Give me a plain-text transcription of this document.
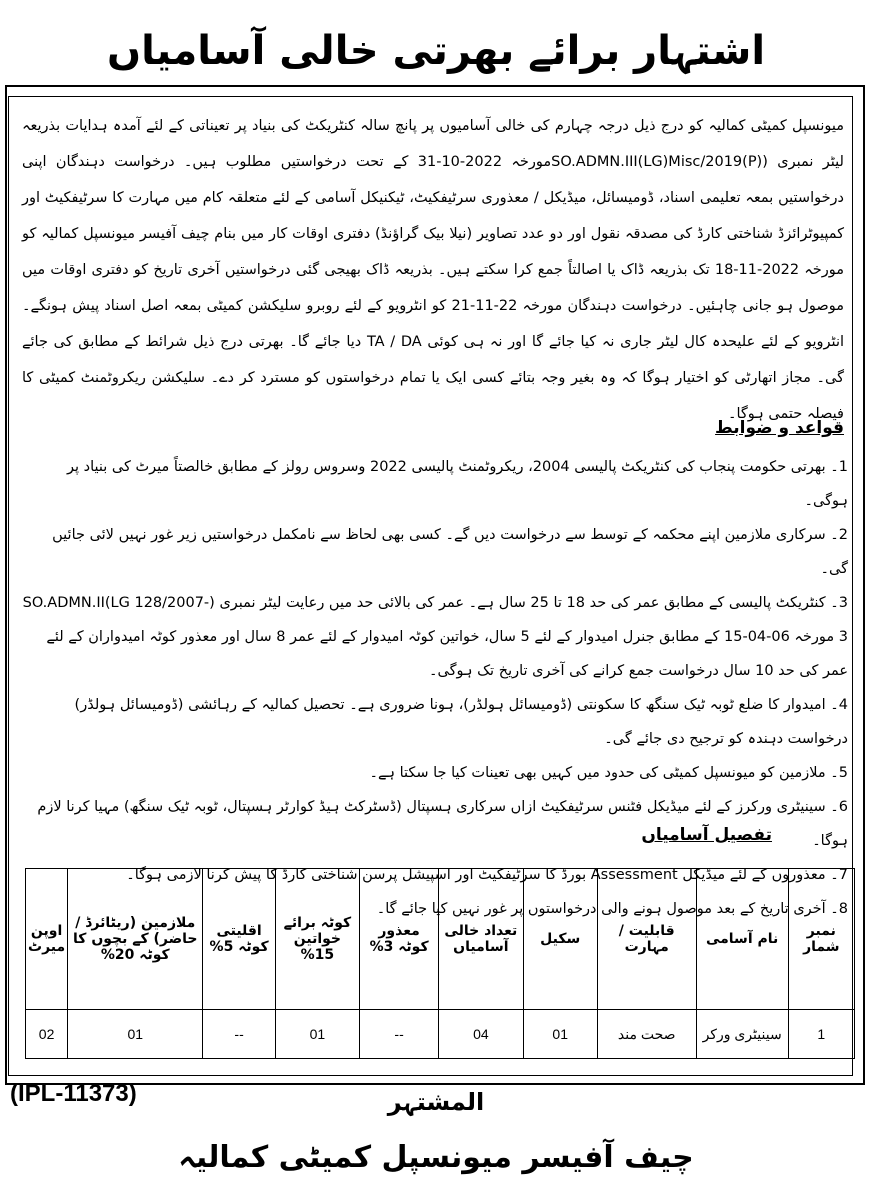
اشتہار برائے بھرتی خالی آسامیاں
میونسپل کمیٹی کمالیہ کو درج ذیل درجہ چہارم کی خالی آسامیوں پر پانچ سالہ کنٹریکٹ کی بنیاد پر تعیناتی کے لئے آمدہ ہدایات بذریعہ لیٹر نمبری (SO.ADMN.III(LG)Misc/2019(P)مورخہ 2022-10-31 کے تحت درخواستیں مطلوب ہیں۔ درخواست دہندگان اپنی درخواستیں بمعہ تعلیمی اسناد، ڈومیسائل، میڈیکل / معذوری سرٹیفکیٹ، ٹیکنیکل آسامی کے لئے متعلقہ کام میں مہارت کا سرٹیفکیٹ اور کمپیوٹرائزڈ شناختی کارڈ کی مصدقہ نقول اور دو عدد تصاویر (نیلا بیک گراؤنڈ) دفتری اوقات کار میں بنام چیف آفیسر میونسپل کمالیہ کو مورخہ 2022-11-18 تک بذریعہ ڈاک یا اصالتاً جمع کرا سکتے ہیں۔ بذریعہ ڈاک بھیجی گئی درخواستیں آخری تاریخ کو دفتری اوقات میں موصول ہو جانی چاہئیں۔ درخواست دہندگان مورخہ 22-11-21 کو انٹرویو کے لئے روبرو سلیکشن کمیٹی بمعہ اصل اسناد پیش ہونگے۔ انٹرویو کے لئے علیحدہ کال لیٹر جاری نہ کیا جائے گا اور نہ ہی کوئی TA / DA دیا جائے گا۔ بھرتی درج ذیل شرائط کے مطابق کی جائے گی۔ مجاز اتھارٹی کو اختیار ہوگا کہ وہ بغیر وجہ بتائے کسی ایک یا تمام درخواستوں کو مسترد کر دے۔ سلیکشن ریکروٹمنٹ کمیٹی کا فیصلہ حتمی ہوگا۔
قواعد و ضوابط
1۔ بھرتی حکومت پنجاب کی کنٹریکٹ پالیسی 2004، ریکروٹمنٹ پالیسی 2022 وسروس رولز کے مطابق خالصتاً میرٹ کی بنیاد پر ہوگی۔
2۔ سرکاری ملازمین اپنے محکمہ کے توسط سے درخواست دیں گے۔ کسی بھی لحاظ سے نامکمل درخواستیں زیر غور نہیں لائی جائیں گی۔
3۔ کنٹریکٹ پالیسی کے مطابق عمر کی حد 18 تا 25 سال ہے۔ عمر کی بالائی حد میں رعایت لیٹر نمبری (SO.ADMN.II(LG 128/2007-3 مورخہ 06-04-15 کے مطابق جنرل امیدوار کے لئے 5 سال، خواتین کوٹہ امیدوار کے لئے عمر 8 سال اور معذور کوٹہ امیدواران کے لئے عمر کی حد 10 سال درخواست جمع کرانے کی آخری تاریخ تک ہوگی۔
4۔ امیدوار کا ضلع ٹوبہ ٹیک سنگھ کا سکونتی (ڈومیسائل ہولڈر)، ہونا ضروری ہے۔ تحصیل کمالیہ کے رہائشی (ڈومیسائل ہولڈر) درخواست دہندہ کو ترجیح دی جائے گی۔
5۔ ملازمین کو میونسپل کمیٹی کی حدود میں کہیں بھی تعینات کیا جا سکتا ہے۔
6۔ سینیٹری ورکرز کے لئے میڈیکل فٹنس سرٹیفکیٹ ازاں سرکاری ہسپتال (ڈسٹرکٹ ہیڈ کوارٹر ہسپتال، ٹوبہ ٹیک سنگھ) مہیا کرنا لازم ہوگا۔
7۔ معذوروں کے لئے میڈیکل Assessment بورڈ کا سرٹیفکیٹ اور اسپیشل پرسن شناختی کارڈ کا پیش کرنا لازمی ہوگا۔
8۔ آخری تاریخ کے بعد موصول ہونے والی درخواستوں پر غور نہیں کیا جائے گا۔
تفصیل آسامیاں
نمبر شمار	نام آسامی	قابلیت / مہارت	سکیل	تعداد خالی آسامیاں	معذور کوٹہ 3%	کوٹہ برائے خواتین 15%	اقلیتی کوٹہ 5%	ملازمین (ریٹائرڈ / حاضر) کے بچوں کا کوٹہ 20%	اوپن میرٹ
1	سینیٹری ورکر	صحت مند	01	04	--	01	--	01	02
(IPL-11373)	المشتہر
چیف آفیسر میونسپل کمیٹی کمالیہ
